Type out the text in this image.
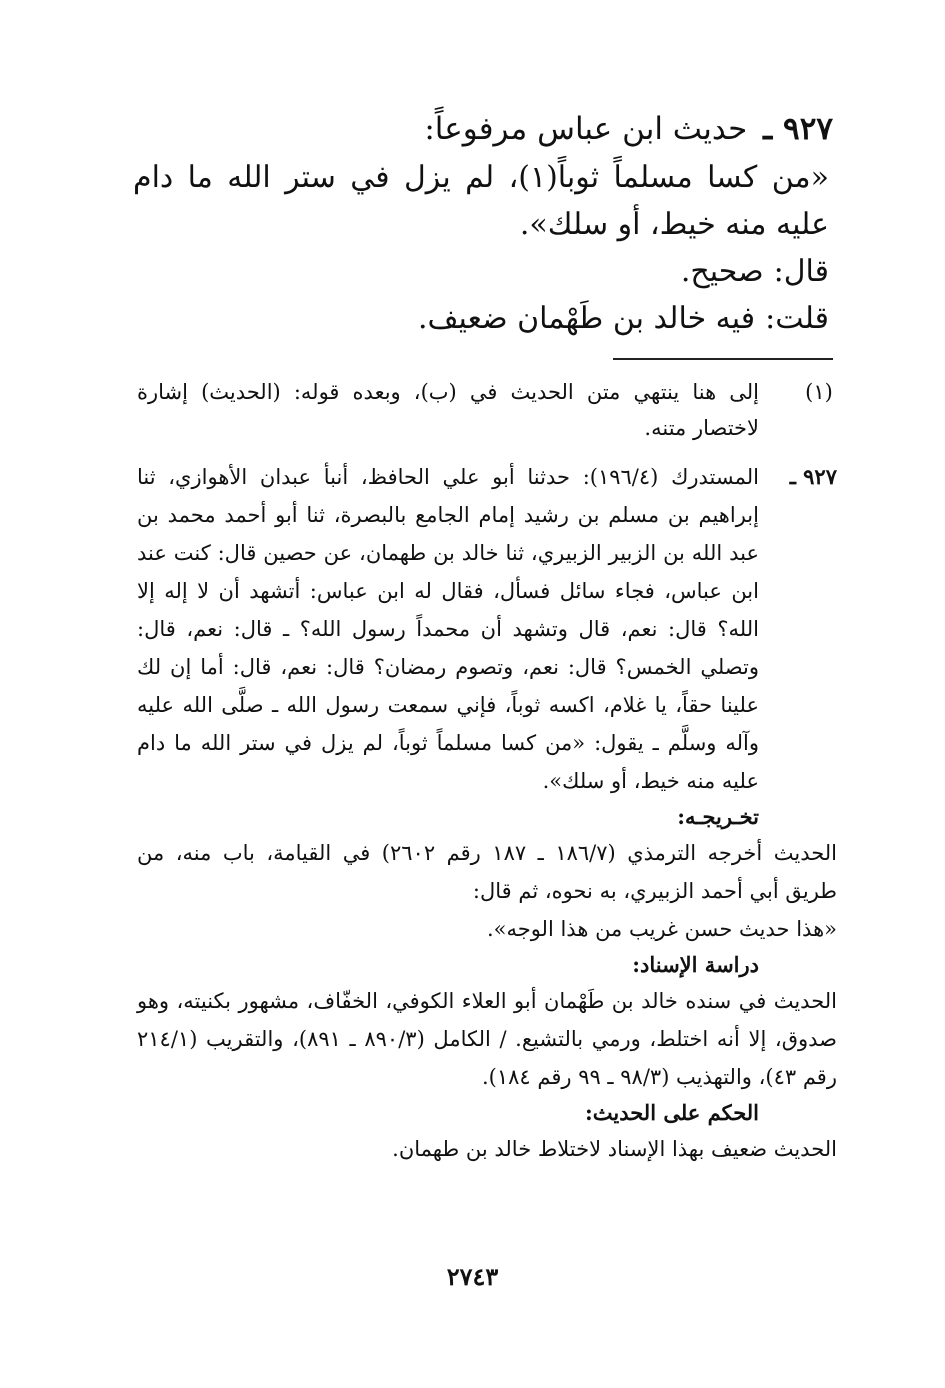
٩٢٧ ـ حديث ابن عباس مرفوعاً:
«من كسا مسلماً ثوباً(١)، لم يزل في ستر الله ما دام عليه منه خيط، أو سلك».
قال:صحيح.
قلت:فيه خالد بن طَهْمان ضعيف.
(١)
إلى هنا ينتهي متن الحديث في (ب)، وبعده قوله: (الحديث) إشارة لاختصار متنه.
٩٢٧ ـ
المستدرك (١٩٦/٤): حدثنا أبو علي الحافظ، أنبأ عبدان الأهوازي، ثنا إبراهيم بن مسلم بن رشيد إمام الجامع بالبصرة، ثنا أبو أحمد محمد بن عبد الله بن الزبير الزبيري، ثنا خالد بن طهمان، عن حصين قال: كنت عند ابن عباس، فجاء سائل فسأل، فقال له ابن عباس: أتشهد أن لا إله إلا الله؟ قال: نعم، قال وتشهد أن محمداً رسول الله؟ ـ قال: نعم، قال: وتصلي الخمس؟ قال: نعم، وتصوم رمضان؟ قال: نعم، قال: أما إن لك علينا حقاً، يا غلام، اكسه ثوباً، فإني سمعت رسول الله ـ صلَّى الله عليه وآله وسلَّم ـ يقول: «من كسا مسلماً ثوباً، لم يزل في ستر الله ما دام عليه منه خيط، أو سلك».
تخـريجـه:
الحديث أخرجه الترمذي (١٨٦/٧ ـ ١٨٧ رقم ٢٦٠٢) في القيامة، باب منه، من طريق أبي أحمد الزبيري، به نحوه، ثم قال:
«هذا حديث حسن غريب من هذا الوجه».
دراسة الإسناد:
الحديث في سنده خالد بن طَهْمان أبو العلاء الكوفي، الخفّاف، مشهور بكنيته، وهو صدوق، إلا أنه اختلط، ورمي بالتشيع. / الكامل (٨٩٠/٣ ـ ٨٩١)، والتقريب (٢١٤/١ رقم ٤٣)، والتهذيب (٩٨/٣ ـ ٩٩ رقم ١٨٤).
الحكم على الحديث:
الحديث ضعيف بهذا الإسناد لاختلاط خالد بن طهمان.
٢٧٤٣
